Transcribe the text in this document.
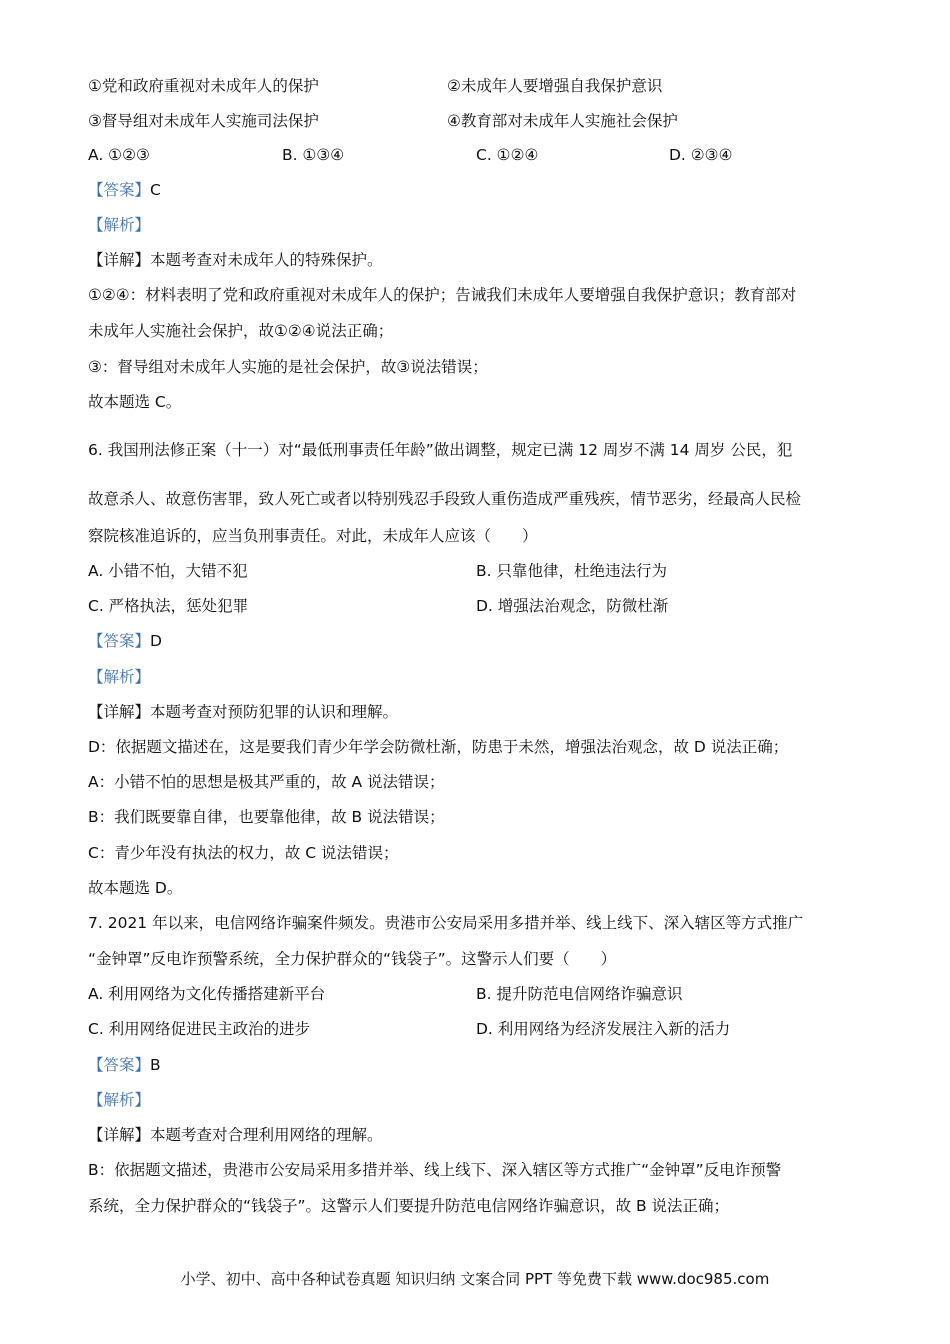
①党和政府重视对未成年人的保护	②未成年人要增强自我保护意识
③督导组对未成年人实施司法保护	④教育部对未成年人实施社会保护
A. ①②③	B. ①③④	C. ①②④	D. ②③④
【答案】C
【解析】
【详解】本题考查对未成年人的特殊保护。
①②④：材料表明了党和政府重视对未成年人的保护；告诫我们未成年人要增强自我保护意识；教育部对
未成年人实施社会保护，故①②④说法正确；
③：督导组对未成年人实施的是社会保护，故③说法错误；
故本题选 C。
6. 我国刑法修正案（十一）对“最低刑事责任年龄”做出调整，规定已满 12 周岁不满 14 周岁 公民，犯
故意杀人、故意伤害罪，致人死亡或者以特别残忍手段致人重伤造成严重残疾，情节恶劣，经最高人民检
察院核准追诉的，应当负刑事责任。对此，未成年人应该（　　）
A. 小错不怕，大错不犯	B. 只靠他律，杜绝违法行为
C. 严格执法，惩处犯罪	D. 增强法治观念，防微杜渐
【答案】D
【解析】
【详解】本题考查对预防犯罪的认识和理解。
D：依据题文描述在，这是要我们青少年学会防微杜渐，防患于未然，增强法治观念，故 D 说法正确；
A：小错不怕的思想是极其严重的，故 A 说法错误；
B：我们既要靠自律，也要靠他律，故 B 说法错误；
C：青少年没有执法的权力，故 C 说法错误；
故本题选 D。
7. 2021 年以来，电信网络诈骗案件频发。贵港市公安局采用多措并举、线上线下、深入辖区等方式推广
“金钟罩”反电诈预警系统，全力保护群众的“钱袋子”。这警示人们要（　　）
A. 利用网络为文化传播搭建新平台	B. 提升防范电信网络诈骗意识
C. 利用网络促进民主政治的进步	D. 利用网络为经济发展注入新的活力
【答案】B
【解析】
【详解】本题考查对合理利用网络的理解。
B：依据题文描述，贵港市公安局采用多措并举、线上线下、深入辖区等方式推广“金钟罩”反电诈预警
系统，全力保护群众的“钱袋子”。这警示人们要提升防范电信网络诈骗意识，故 B 说法正确；
小学、初中、高中各种试卷真题 知识归纳 文案合同 PPT 等免费下载 www.doc985.com
